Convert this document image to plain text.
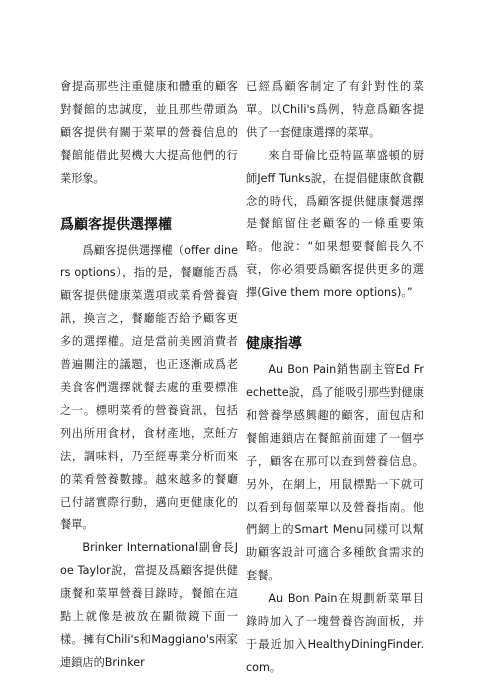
會提高那些注重健康和體重的顧客對餐館的忠誠度，並且那些帶頭為顧客提供有關于菜單的營養信息的餐館能借此契機大大提高他們的行業形象。

爲顧客提供選擇權

爲顧客提供選擇權（offer diners options），指的是，餐廳能否爲顧客提供健康菜選項或菜肴營養資訊，換言之，餐廳能否給予顧客更多的選擇權。這是當前美國消費者普遍關注的議題，也正逐漸成爲老美食客們選擇就餐去處的重要標准之一。標明菜肴的營養資訊，包括列出所用食材，食材產地，烹飪方法，調味料，乃至經專業分析而來的菜肴營養數據。越來越多的餐廳已付諸實際行動，邁向更健康化的餐單。

Brinker International副會長Joe Taylor說，當提及爲顧客提供健康餐和菜單營養目錄時，餐館在這點上就像是被放在顯微鏡下面一樣。擁有Chili's和Maggiano's兩家連鎖店的Brinker

已經爲顧客制定了有針對性的菜單。以Chili's爲例，特意爲顧客提供了一套健康選擇的菜單。

來自哥倫比亞特區華盛頓的厨師Jeff Tunks說，在提倡健康飲食觀念的時代，爲顧客提供健康餐選擇是餐館留住老顧客的一條重要策略。他說：“如果想要餐館長久不衰，你必須要爲顧客提供更多的選擇(Give them more options)。”

健康指導

Au Bon Pain銷售副主管Ed Frechette說，爲了能吸引那些對健康和營養學感興趣的顧客，面包店和餐館連鎖店在餐館前面建了一個亭子，顧客在那可以查到營養信息。另外，在網上，用鼠標點一下就可以看到每個菜單以及營養指南。他們網上的Smart Menu同樣可以幫助顧客設計可適合多種飲食需求的套餐。

Au Bon Pain在規劃新菜單目錄時加入了一塊營養咨詢面板，并于最近加入HealthyDiningFinder.com。
